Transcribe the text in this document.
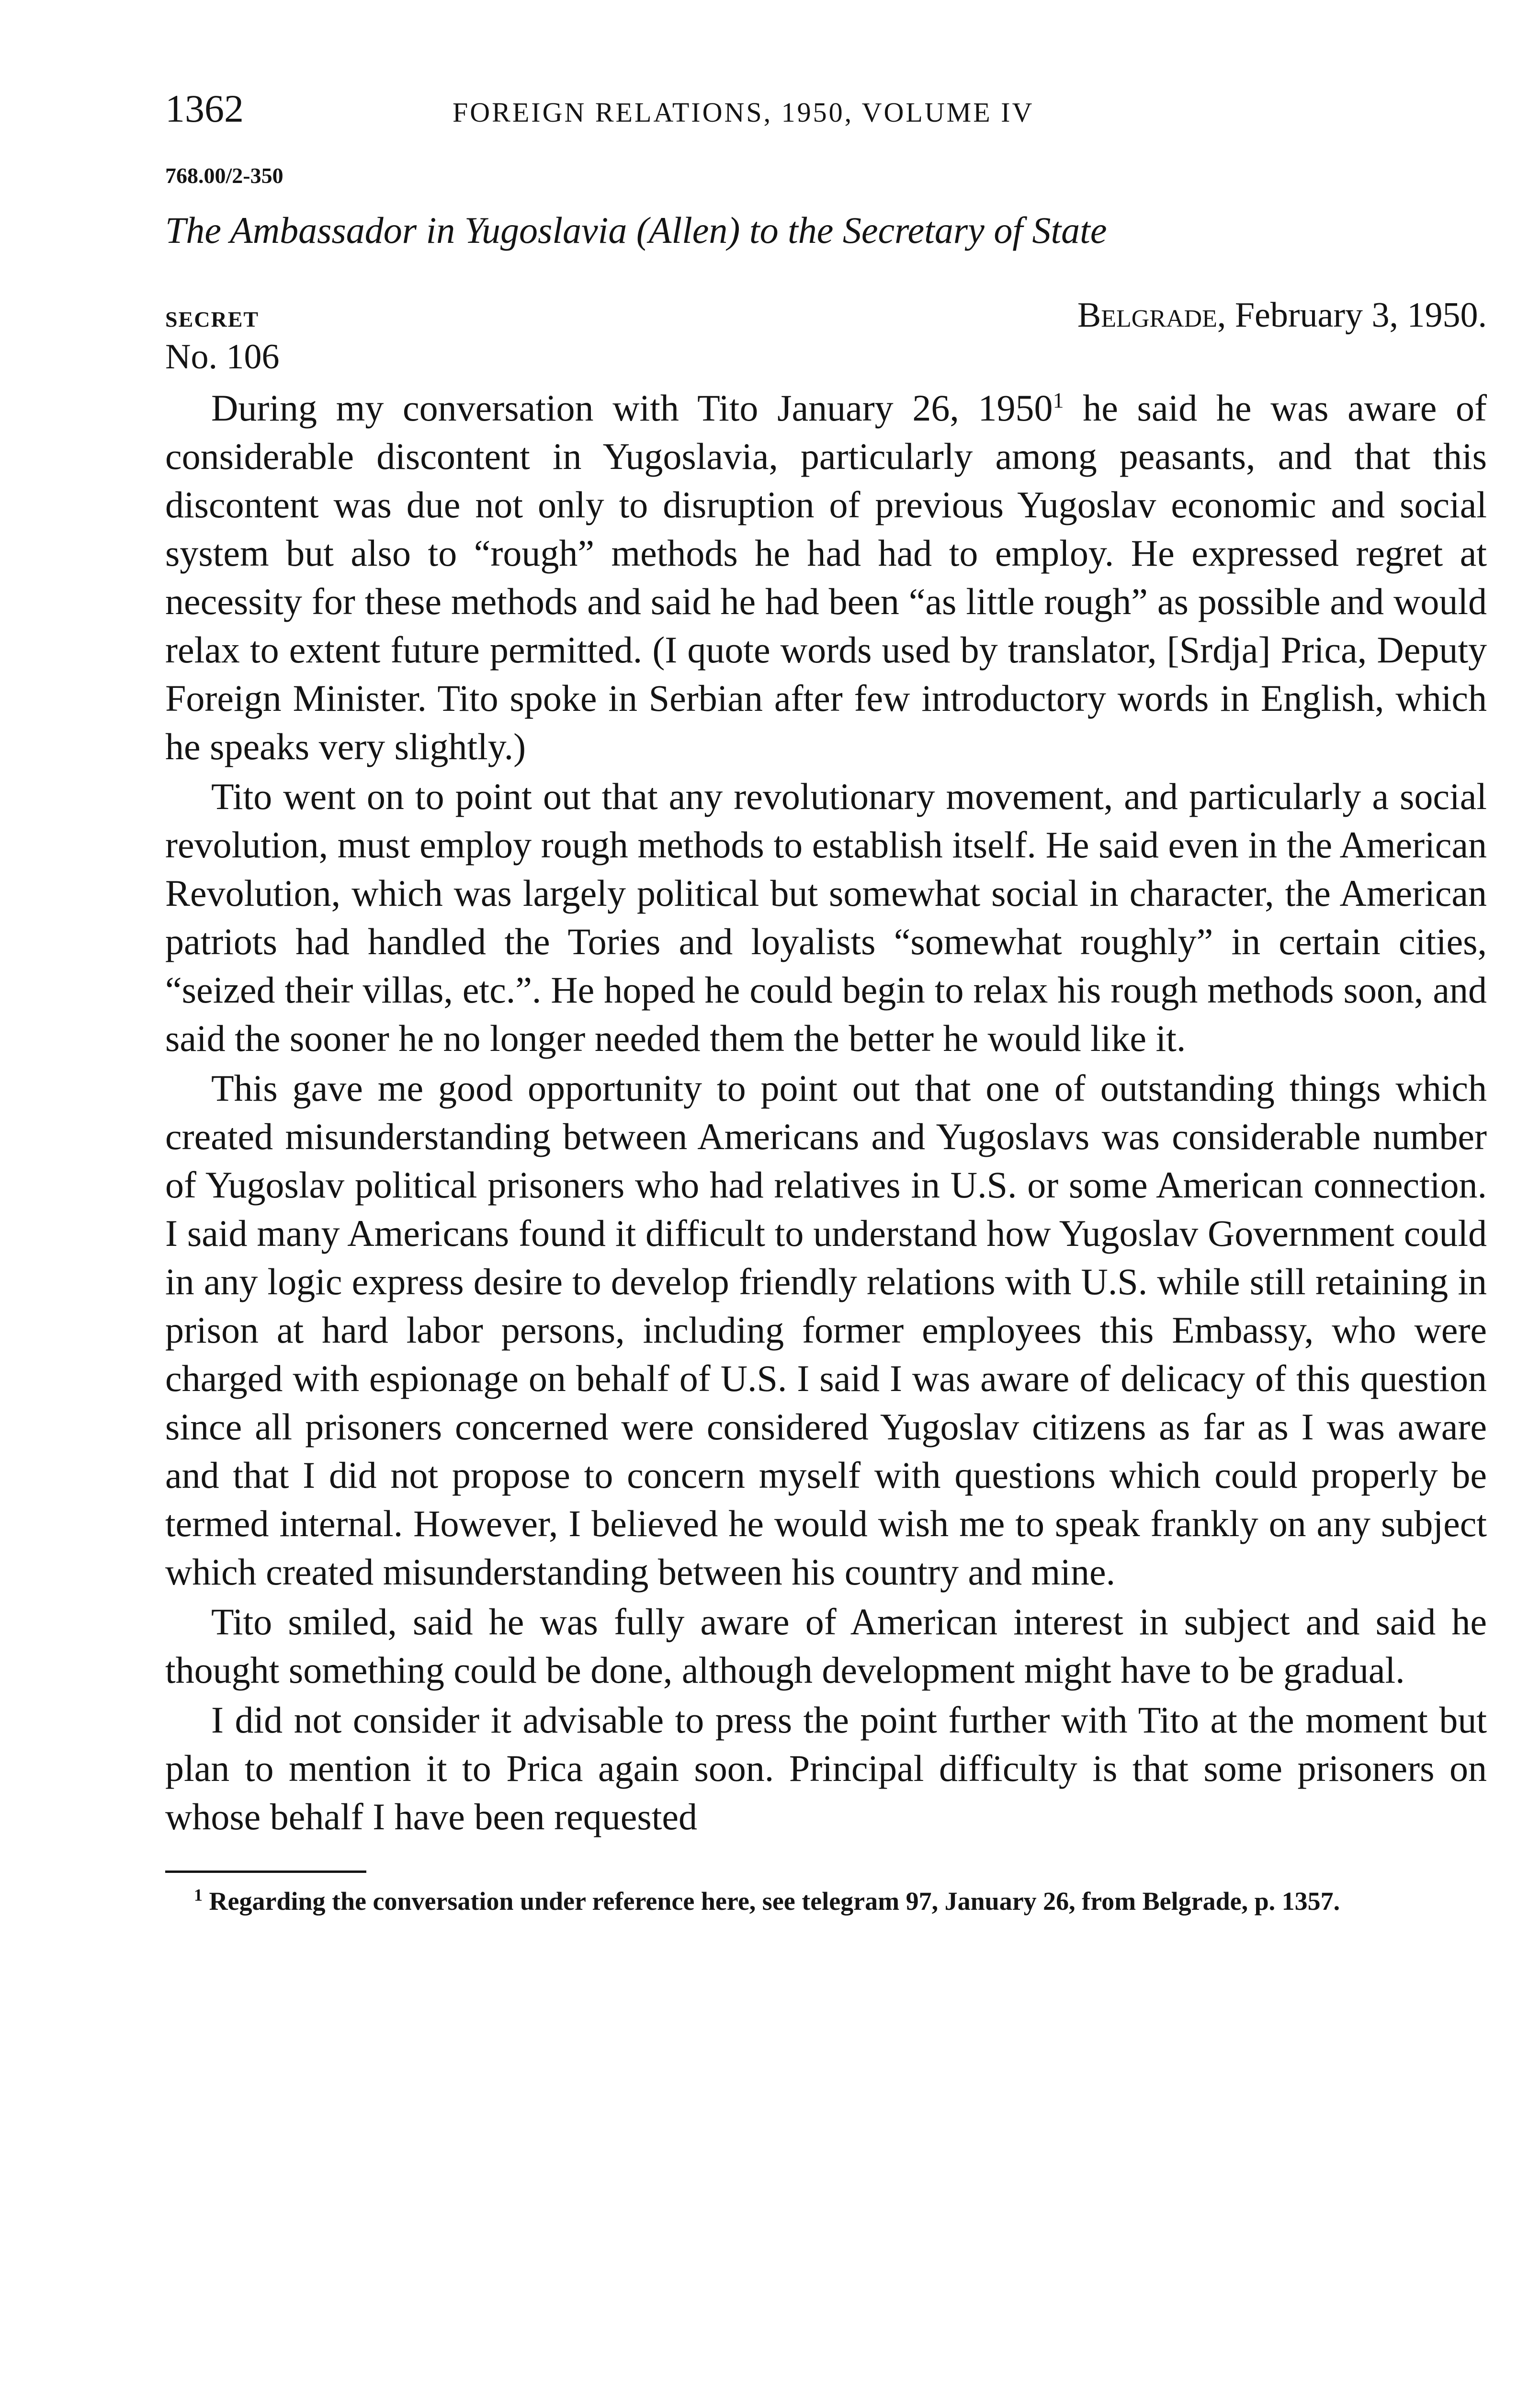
1362	FOREIGN RELATIONS, 1950, VOLUME IV
768.00/2-350
The Ambassador in Yugoslavia (Allen) to the Secretary of State
SECRET	Belgrade, February 3, 1950.
No. 106

During my conversation with Tito January 26, 1950$^1$ he said he was aware of considerable discontent in Yugoslavia, particularly among peasants, and that this discontent was due not only to disruption of previous Yugoslav economic and social system but also to “rough” methods he had had to employ. He expressed regret at necessity for these methods and said he had been “as little rough” as possible and would relax to extent future permitted. (I quote words used by translator, [Srdja] Prica, Deputy Foreign Minister. Tito spoke in Serbian after few introductory words in English, which he speaks very slightly.)

Tito went on to point out that any revolutionary movement, and particularly a social revolution, must employ rough methods to establish itself. He said even in the American Revolution, which was largely political but somewhat social in character, the American patriots had handled the Tories and loyalists “somewhat roughly” in certain cities, “seized their villas, etc.”. He hoped he could begin to relax his rough methods soon, and said the sooner he no longer needed them the better he would like it.

This gave me good opportunity to point out that one of outstanding things which created misunderstanding between Americans and Yugoslavs was considerable number of Yugoslav political prisoners who had relatives in U.S. or some American connection. I said many Americans found it difficult to understand how Yugoslav Government could in any logic express desire to develop friendly relations with U.S. while still retaining in prison at hard labor persons, including former employees this Embassy, who were charged with espionage on behalf of U.S. I said I was aware of delicacy of this question since all prisoners concerned were considered Yugoslav citizens as far as I was aware and that I did not propose to concern myself with questions which could properly be termed internal. However, I believed he would wish me to speak frankly on any subject which created misunderstanding between his country and mine.

Tito smiled, said he was fully aware of American interest in subject and said he thought something could be done, although development might have to be gradual.

I did not consider it advisable to press the point further with Tito at the moment but plan to mention it to Prica again soon. Principal difficulty is that some prisoners on whose behalf I have been requested

$^1$ Regarding the conversation under reference here, see telegram 97, January 26, from Belgrade, p. 1357.
